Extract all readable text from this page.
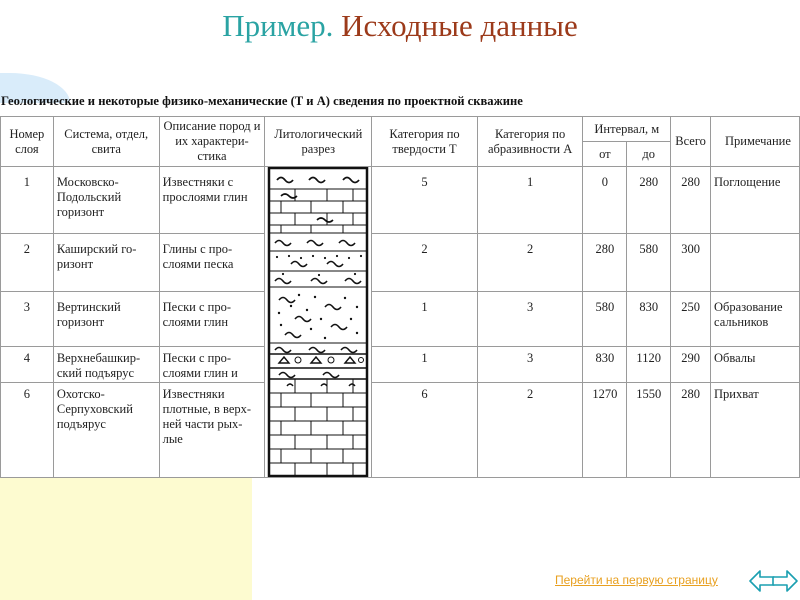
Пример. Исходные данные
Геологические и некоторые физико-механические (Т и А) сведения по проектной скважине
Номер слоя	Система, отдел, свита	Описание пород и их характери- стика	Литологический разрез	Категория по твердости Т	Категория по абразивности А	Интервал, м		Всего	Примечание
						от	до		
1	Московско- Подольский горизонт	Известняки с прослоями глин		5	1	0	280	280	Поглощение
2	Каширский го- ризонт	Глины с про- слоями песка		2	2	280	580	300	
3	Вертинский горизонт	Пески с про- слоями глин		1	3	580	830	250	Образование сальников
4	Верхнебашкир- ский подъярус	Пески с про- слоями глин и		1	3	830	1120	290	Обвалы
6	Охотско- Серпуховский подъярус	Известняки плотные, в верх- ней части рых- лые		6	2	1270	1550	280	Прихват
Перейти на первую страницу
